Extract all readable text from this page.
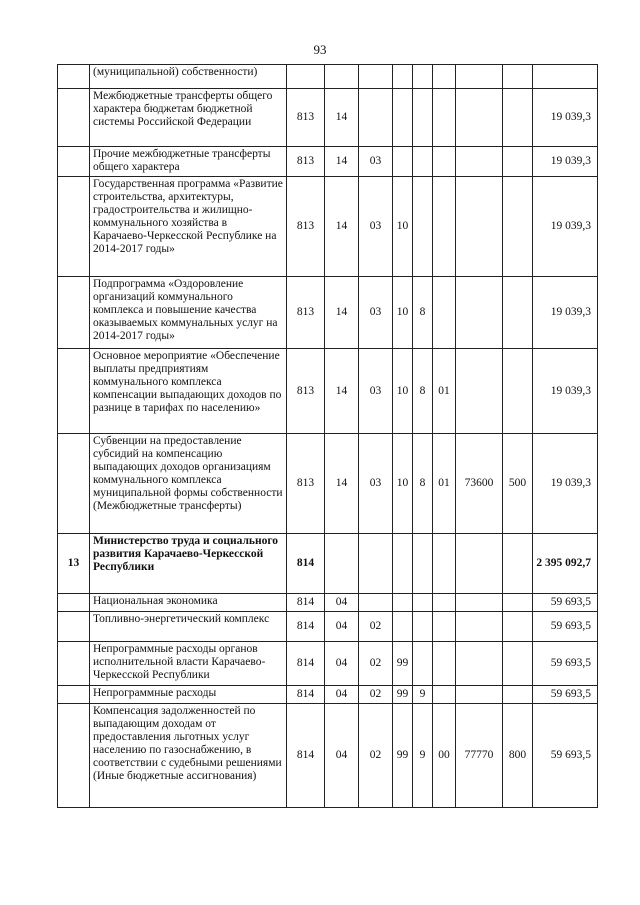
93
	(муниципальной) собственности)									
	Межбюджетные трансферты общего характера бюджетам бюджетной системы Российской Федерации	813	14							19 039,3
	Прочие межбюджетные трансферты общего характера	813	14	03						19 039,3
	Государственная программа «Развитие строительства, архитектуры, градостроительства и жилищно-коммунального хозяйства в Карачаево-Черкесской Республике на 2014-2017 годы»	813	14	03	10					19 039,3
	Подпрограмма «Оздоровление организаций коммунального комплекса и повышение качества оказываемых коммунальных услуг на 2014-2017 годы»	813	14	03	10	8				19 039,3
	Основное мероприятие «Обеспечение выплаты предприятиям коммунального комплекса компенсации выпадающих доходов по разнице в тарифах по населению»	813	14	03	10	8	01			19 039,3
	Субвенции на предоставление субсидий на компенсацию выпадающих доходов организациям коммунального комплекса муниципальной формы собственности (Межбюджетные трансферты)	813	14	03	10	8	01	73600	500	19 039,3
13	Министерство труда и социального развития Карачаево-Черкесской Республики	814								2 395 092,7
	Национальная экономика	814	04							59 693,5
	Топливно-энергетический комплекс	814	04	02						59 693,5
	Непрограммные расходы органов исполнительной власти Карачаево-Черкесской Республики	814	04	02	99					59 693,5
	Непрограммные расходы	814	04	02	99	9				59 693,5
	Компенсация задолженностей по выпадающим доходам от предоставления льготных услуг населению по газоснабжению, в соответствии с судебными решениями (Иные бюджетные ассигнования)	814	04	02	99	9	00	77770	800	59 693,5
